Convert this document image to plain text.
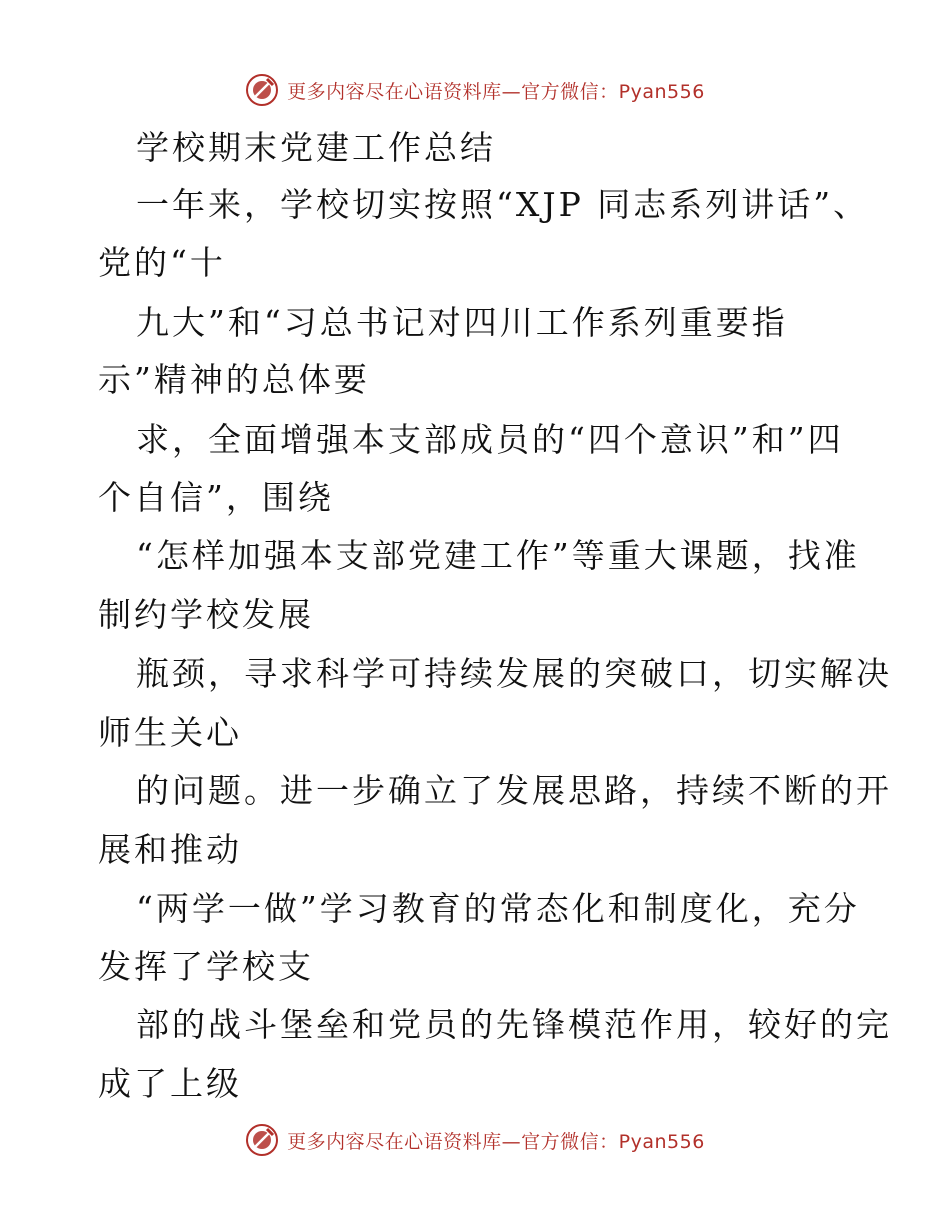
更多内容尽在心语资料库—官方微信：Pyan556
学校期末党建工作总结
一年来，学校切实按照“XJP 同志系列讲话”、
党的“十
九大”和“习总书记对四川工作系列重要指
示”精神的总体要
求，全面增强本支部成员的“四个意识”和”四
个自信”，围绕
“怎样加强本支部党建工作”等重大课题，找准
制约学校发展
瓶颈，寻求科学可持续发展的突破口，切实解决
师生关心
的问题。进一步确立了发展思路，持续不断的开
展和推动
“两学一做”学习教育的常态化和制度化，充分
发挥了学校支
部的战斗堡垒和党员的先锋模范作用，较好的完
成了上级
更多内容尽在心语资料库—官方微信：Pyan556
